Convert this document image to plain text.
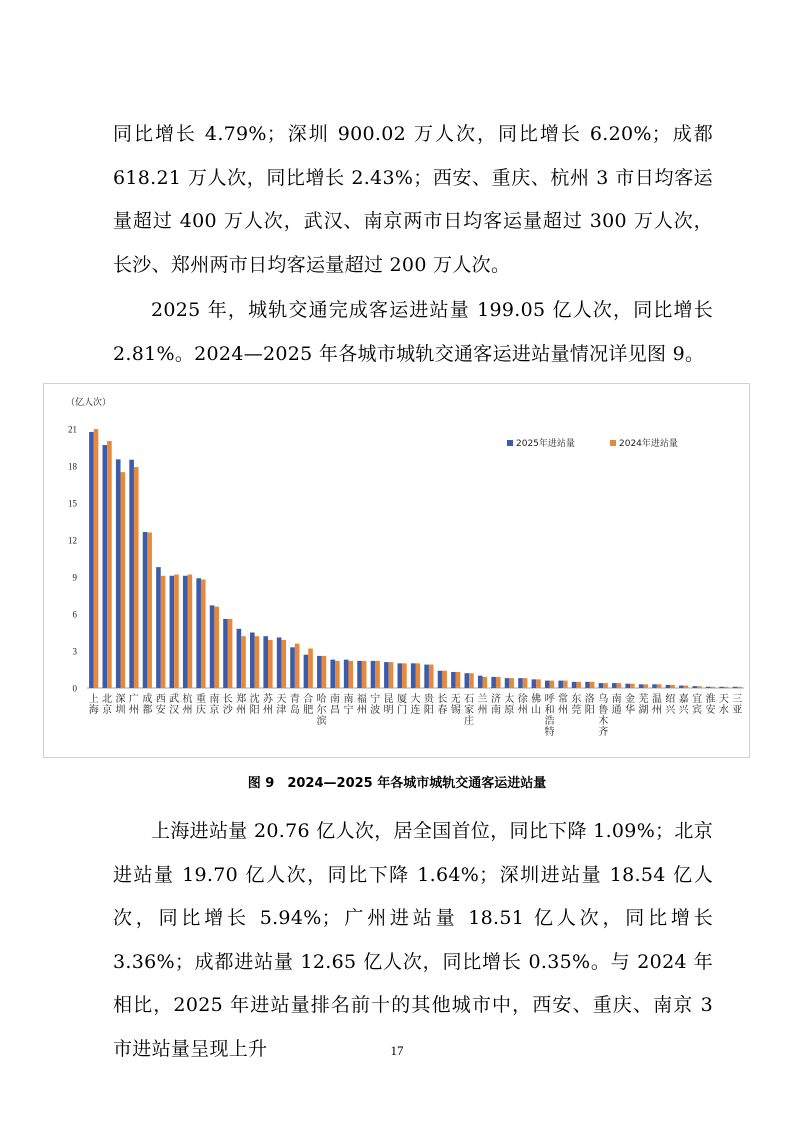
同比增长 4.79%；深圳 900.02 万人次，同比增长 6.20%；成都 618.21 万人次，同比增长 2.43%；西安、重庆、杭州 3 市日均客运量超过 400 万人次，武汉、南京两市日均客运量超过 300 万人次，长沙、郑州两市日均客运量超过 200 万人次。

2025 年，城轨交通完成客运进站量 199.05 亿人次，同比增长 2.81%。2024—2025 年各城市城轨交通客运进站量情况详见图 9。

（亿人次）
0
3
6
9
12
15
18
21
上
海
北
京
深
圳
广
州
成
都
西
安
武
汉
杭
州
重
庆
南
京
长
沙
郑
州
沈
阳
苏
州
天
津
青
岛
合
肥
哈
尔
滨
南
昌
南
宁
福
州
宁
波
昆
明
厦
门
大
连
贵
阳
长
春
无
锡
石
家
庄
兰
州
济
南
太
原
徐
州
佛
山
呼
和
浩
特
常
州
东
莞
洛
阳
乌
鲁
木
齐
南
通
金
华
芜
湖
温
州
绍
兴
嘉
兴
宜
宾
淮
安
天
水
三
亚
2025年进站量	2024年进站量
图 9　2024—2025 年各城市城轨交通客运进站量

上海进站量 20.76 亿人次，居全国首位，同比下降 1.09%；北京进站量 19.70 亿人次，同比下降 1.64%；深圳进站量 18.54 亿人次，同比增长 5.94%；广州进站量 18.51 亿人次，同比增长 3.36%；成都进站量 12.65 亿人次，同比增长 0.35%。与 2024 年相比，2025 年进站量排名前十的其他城市中，西安、重庆、南京 3 市进站量呈现上升	17
